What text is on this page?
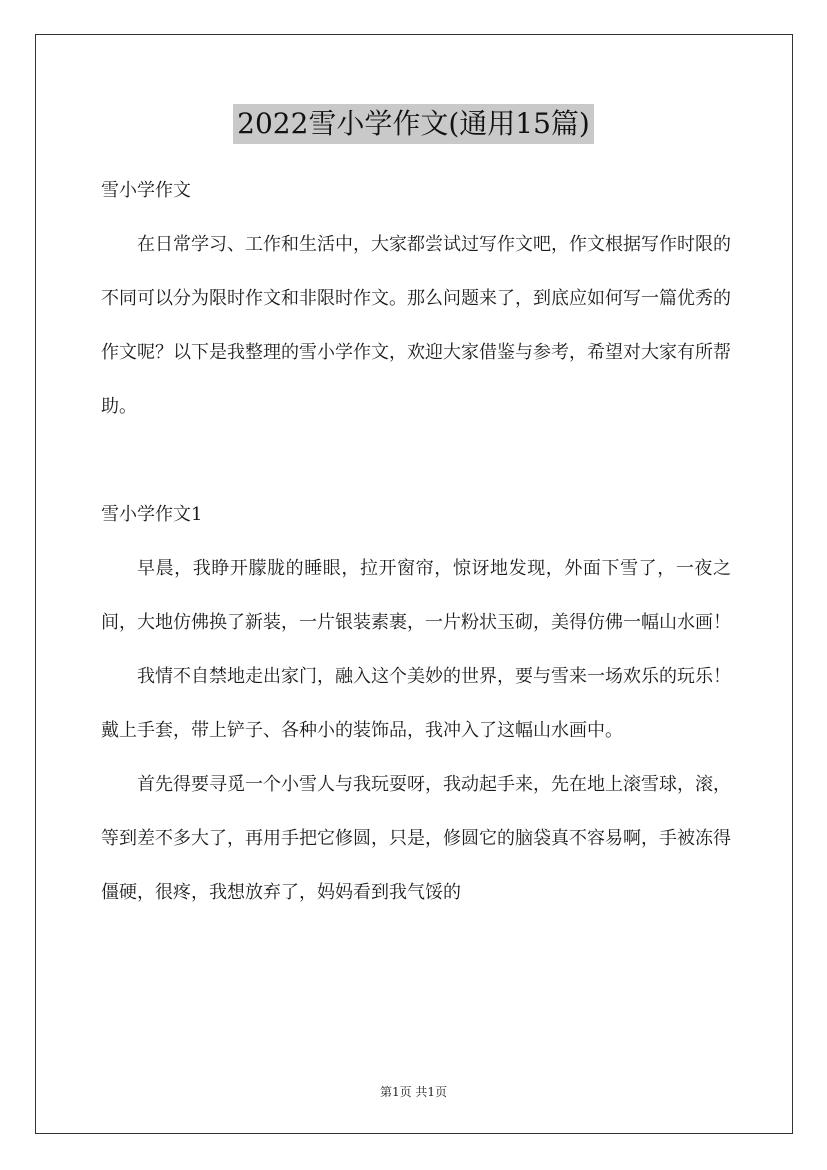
2022雪小学作文(通用15篇)

雪小学作文

在日常学习、工作和生活中，大家都尝试过写作文吧，作文根据写作时限的不同可以分为限时作文和非限时作文。那么问题来了，到底应如何写一篇优秀的作文呢？以下是我整理的雪小学作文，欢迎大家借鉴与参考，希望对大家有所帮助。

雪小学作文1

早晨，我睁开朦胧的睡眼，拉开窗帘，惊讶地发现，外面下雪了，一夜之间，大地仿佛换了新装，一片银装素裹，一片粉状玉砌，美得仿佛一幅山水画！

我情不自禁地走出家门，融入这个美妙的世界，要与雪来一场欢乐的玩乐！戴上手套，带上铲子、各种小的装饰品，我冲入了这幅山水画中。

首先得要寻觅一个小雪人与我玩耍呀，我动起手来，先在地上滚雪球，滚，等到差不多大了，再用手把它修圆，只是，修圆它的脑袋真不容易啊，手被冻得僵硬，很疼，我想放弃了，妈妈看到我气馁的

第1页 共1页
